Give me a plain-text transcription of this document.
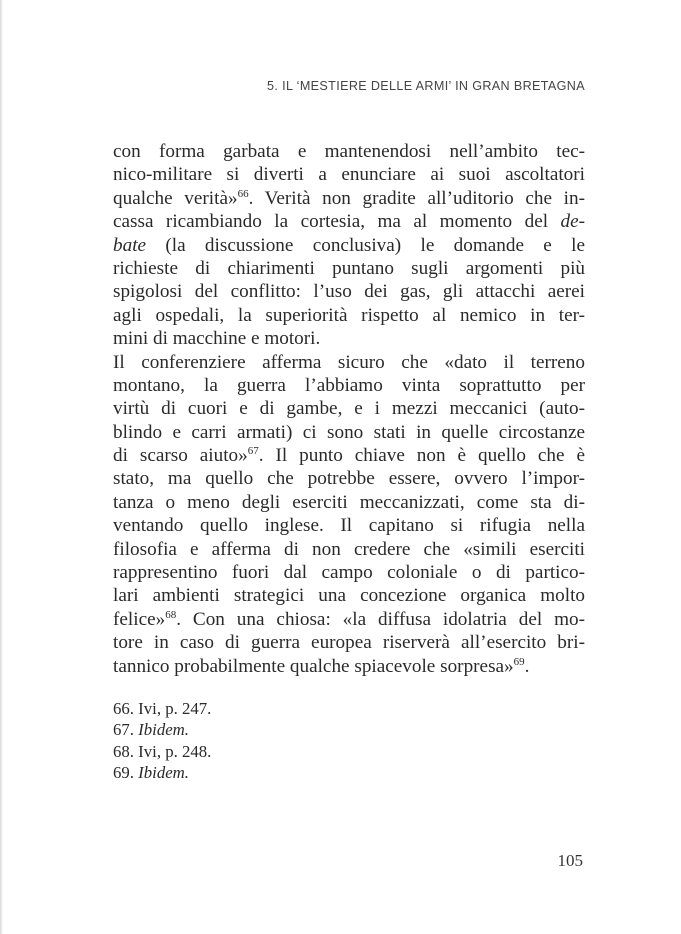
5. IL ‘MESTIERE DELLE ARMI’ IN GRAN BRETAGNA
con forma garbata e mantenendosi nell’ambito tec-
nico-militare si diverti a enunciare ai suoi ascoltatori
qualche verità»$^{66}$. Verità non gradite all’uditorio che in-
cassa ricambiando la cortesia, ma al momento del de-
bate (la discussione conclusiva) le domande e le
richieste di chiarimenti puntano sugli argomenti più
spigolosi del conflitto: l’uso dei gas, gli attacchi aerei
agli ospedali, la superiorità rispetto al nemico in ter-
mini di macchine e motori.
Il conferenziere afferma sicuro che «dato il terreno
montano, la guerra l’abbiamo vinta soprattutto per
virtù di cuori e di gambe, e i mezzi meccanici (auto-
blindo e carri armati) ci sono stati in quelle circostanze
di scarso aiuto»$^{67}$. Il punto chiave non è quello che è
stato, ma quello che potrebbe essere, ovvero l’impor-
tanza o meno degli eserciti meccanizzati, come sta di-
ventando quello inglese. Il capitano si rifugia nella
filosofia e afferma di non credere che «simili eserciti
rappresentino fuori dal campo coloniale o di partico-
lari ambienti strategici una concezione organica molto
felice»$^{68}$. Con una chiosa: «la diffusa idolatria del mo-
tore in caso di guerra europea riserverà all’esercito bri-
tannico probabilmente qualche spiacevole sorpresa»$^{69}$.
66. Ivi, p. 247.
67. Ibidem.
68. Ivi, p. 248.
69. Ibidem.
105
